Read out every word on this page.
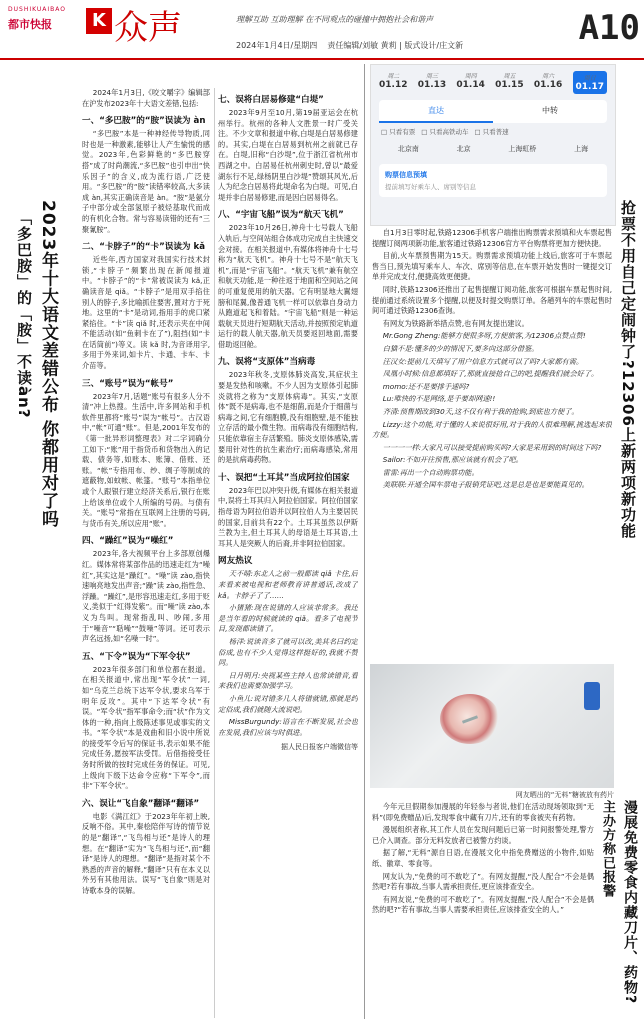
DUSHIKUAIBAO
都市快报	K 众声	理解互助 互助理解 在不同观点的碰撞中拥抱社会和谐声
2024年1月4日/星期四 责任编辑/刘敏 黄莉 | 版式设计/庄文新	A10
2023年十大语文差错公布 你都用对了吗
「多巴胺」的「胺」不读àn?

2024年1月3日,《咬文嚼字》编辑部在沪发布2023年十大语文差错,包括:

一、“多巴胺”的“胺”误读为 àn

“多巴胺”本是一种神经传导物质,同时也是一种激素,能够让人产生愉悦的感觉。2023年,色彩鲜艳的“多巴胺穿搭”成了时尚潮流,“多巴胺”也引申出“快乐因子”的含义,成为流行语,广泛使用。“多巴胺”的“胺”读错率较高,大多读成 àn,其实正确读音是 àn。“胺”是氨分子中部分或全部氢原子被烃基取代而成的有机化合物。常与容易读错的还有“三聚氰胺”。

二、“卡脖子”的“卡”误读为 kǎ

近些年,西方国家对我国实行技术封锁,“卡脖子”频繁出现在新闻报道中。“卡脖子”的“卡”常被误读为 kǎ,正确读音是 qiǎ。“卡脖子”是用双手掐住别人的脖子,多比喻抓住要害,置对方于死地。这里的“卡”是动词,指用手的虎口紧紧掐住。“卡”读 qiǎ 时,还表示夹在中间不能活动(如“鱼刺卡在了”),阻挡(如“卡在话筒前”)等义。读 kǎ 时,为音译用字,多用于外来词,如卡片、卡通、卡车、卡介苗等。

三、“账号”误为“帐号”

2023年7月,话题“账号有很多人分不清”冲上热搜。生活中,许多网站和手机软件里都将“账号”误为“帐号”。古汉语中,“帐”可通“账”。但是,2001年发布的《第一批异形词整理表》对二字词确分工如下:“账”用于指货币和货物出入的记载、债务等,如账本、账簿、借账、还账。“帐”专指用布、纱、绸子等制成的遮蔽物,如蚊帐、帐篷。“账号”本指单位或个人跟银行建立经济关系后,银行在账上给该单位或个人所编的号码。与债有关。“账号”常指在互联网上注册的号码,与货币有关,所以应用“账”。

四、“躁红”误为“噪红”

2023年,各大视频平台上多部原创爆红。媒体常将某部作品的迅速走红为“噪红”,其实这是“躁红”。“噪”读 zào,指快速响亮地发出声音;“躁”读 zào,指性急、浮躁。“躁红”,是形容迅速走红,多用于贬义,类似于“红得发紫”。而“噪”读 zào,本义为鸟叫。现常指乱叫、吵闹,多用于“噪音”“聒噪”“鼓噪”等词。还可表示声名远扬,如“名噪一时”。

五、“下令”误为“下军令状”

2023年很多部门和单位都在报道。在相关报道中,常出现“军令状”一词,如“乌克兰总统下达军令状,要求乌军于明年反攻”。其中“下达军令状”有误。“军令状”指军事命令;而“状”作为文体的一种,指向上级陈述事见或事实的文书。“军令状”本是戏曲和旧小说中所说的接受军令后写的保证书,表示如果不能完成任务,愿按军法受罚。后借指接受任务时所做的按时完成任务的保证。可见,上级向下级下达命令应称“下军令”,而非“下军令状”。

六、误让“飞自象”翻译“翻译”

电影《满江红》于2023年年初上映,反响不俗。其中,秦桧陪伴写诗的情节说的是“翻译”,“飞鸟相与还”是诗人的理想。在“翻译”实为“飞鸟相与还”,而“翻译”是诗人的理想。“翻译”是指对某个不熟悉的声音的解释,“翻译”只有在本义以外另有其他用法。误写“飞自象”则是对诗歌本身的误解。

七、误将白居易修建“白堤”

2023年9月至10月,第19届亚运会在杭州举行。杭州的各种人文胜景一时广受关注。不少文章和报道中称,白堤是白居易修建的。其实,白堤在白居易到杭州之前就已存在。白堤,旧称“白沙堤”,位于浙江省杭州市西湖之中。白居易任杭州刺史时,曾以“最爱湖东行不足,绿杨阴里白沙堤”赞颂其风光,后人为纪念白居易将此堤命名为白堤。可见,白堤并非白居易修建,而是因白居易得名。

八、“宇宙飞船”误为“航天飞机”

2023年10月26日,神舟十七号载人飞船入轨后,与空间站组合体成功完成自主快速交会对接。在相关报道中,有媒体将神舟十七号称为“航天飞机”。神舟十七号不是“航天飞机”,而是“宇宙飞船”。“航天飞机”兼有航空和航天功能,是一种往返于地面和空间站之间的可重复使用的航天器。它有明显地大翼翅膀和尾翼,像普通飞机一样可以依靠自身动力从跑道起飞和着陆。“宇宙飞船”则是一种运载航天员进行短期航天活动,并按照预定轨道运行的载人航天器,航天员要返回地面,需要借助返回舱。

九、误将“支原体”当病毒

2023年秋冬,支原体肺炎高发,其症状主要是发热和咳嗽。不少人因为支原体引起肺炎就将之称为“支原体病毒”。其实,“支原体”既不是病毒,也不是细菌,而是介于细菌与病毒之间,它有细胞膜,没有细胞壁,是不能独立存活的最小微生物。而病毒没有细胞结构,只能依靠宿主存活繁殖。肺炎支原体感染,需要用针对性的抗生素治疗;而病毒感染,常用的是抗病毒药物。

十、误把“土耳其”当成阿拉伯国家

2023年巴以冲突升级,有媒体在相关报道中,误将土耳其归入阿拉伯国家。阿拉伯国家指母语为阿拉伯语并以阿拉伯人为主要居民的国家,目前共有22个。土耳其虽然以伊斯兰教为主,但土耳其人的母语是土耳其语,土耳其人是突厥人的后裔,并非阿拉伯国家。

网友热议

天不晴:东北人之前一般都读 qiǎ 卡住,后来看来被电视和老师教育讲普通话,改成了 kǎ。卡脖子了了……

小猪猪:现在说错的人应该非常多。我还是当年看的时候就读的 qiǎ。看多了电视节目,发现都读错了。

杨洋:说读音多了就可以改,美其名曰约定俗成,也有不少人觉得这样挺好的,我就不赞同。

日月明月:央视某些主持人也常读错音,看来我们也需要加强学习。

小鱼儿:说对错多几人将错就错,那就是约定俗成,我们就随大流说吧。

MissBurgundy:语言在不断发展,社会也在发展,我们应该与时俱进。

据人民日报客户端微信等
周二
01.12
周三
01.13
周四
01.14
周五
01.15
周六
01.16
周日
01.17
直达	中转
□ 只看有票	□ 只看高铁动车	□ 只看普速
北京南	北京	上海虹桥	上海
购票信息预填
提前填写好乘车人、席别等信息
抢票不用自己定闹钟了?12306上新两项新功能

自1月3日零时起,铁路12306手机客户端推出购票需求预填和火车票起售提醒订阅两项新功能,旅客通过铁路12306官方平台购票将更加方便快捷。

目前,火车票预售期为15天。购票需求预填功能上线后,旅客可于车票起售当日,预先填写乘车人、车次、席别等信息,在车票开始发售时一键提交订单并完成支付,便捷高效更便捷。

同时,铁路12306还推出了起售提醒订阅功能,旅客可根据车票起售时间,提前通过系统设置多个提醒,以便及时提交购票订单。各趟列车的车票起售时间可通过铁路12306查询。

有网友为铁路新举措点赞,也有网友提出建议。

Mr.Gong Zheng:能够方便很多呀,方便旅客,为12306点赞点赞!

白猫不是:懂多的少的情况下,要多向这部分借鉴。

汪汉女:提前几天填写了用户信息方式就可以了吗?大家都有需。

凤凰小时候:信息都填好了,那就直接抢自己的吧,提醒我们就会好了。

momo:还不是要排手速吗?

Lu:唯快的不是网络,是手要却网速!!

齐清:预售期改到30天,这不仅有利于我的抢购,到底也方便了。

Lizzy:这个功能,对于懂的人来说很好用,对于我的人很难理解,挑选起来很方便。

一一一一样:大家凡可以接受提前购买吗?大家是采用到的时间这下吗?

Sailor:不如开往预售,那应该就有机会了吧。

雷雷:再出一个自动购票功能。

美联联:开通全国车票电子报销凭证吧,这是总是也是要能真见的。

网友晒出的“无料”糖被放有药片
漫展免费零食内藏刀片、药物?
主办方称已报警

今年元旦假期参加漫展的年轻参与者说,他们在活动现场领取到“无料”(即免费赠品)后,发现零食中藏有刀片,还有的零食被夹有药物。

漫展组织者称,其工作人员在发现问题后已第一时间报警处理,警方已介入调查。部分无料发放者已被警方约谈。

据了解,“无料”源自日语,在漫展文化中指免费赠送的小物件,如贴纸、徽章、零食等。

网友认为,“免费的可不敢吃了”。有网友提醒,“没人配合”不会是偶然吧?若有事故,当事人需承担责任,更应该排查安全。

有网友说,“免费的可不敢吃了”。有网友提醒,“没人配合”不会是偶然的吧?“若有事故,当事人需要承担责任,应该排查安全的人。”
